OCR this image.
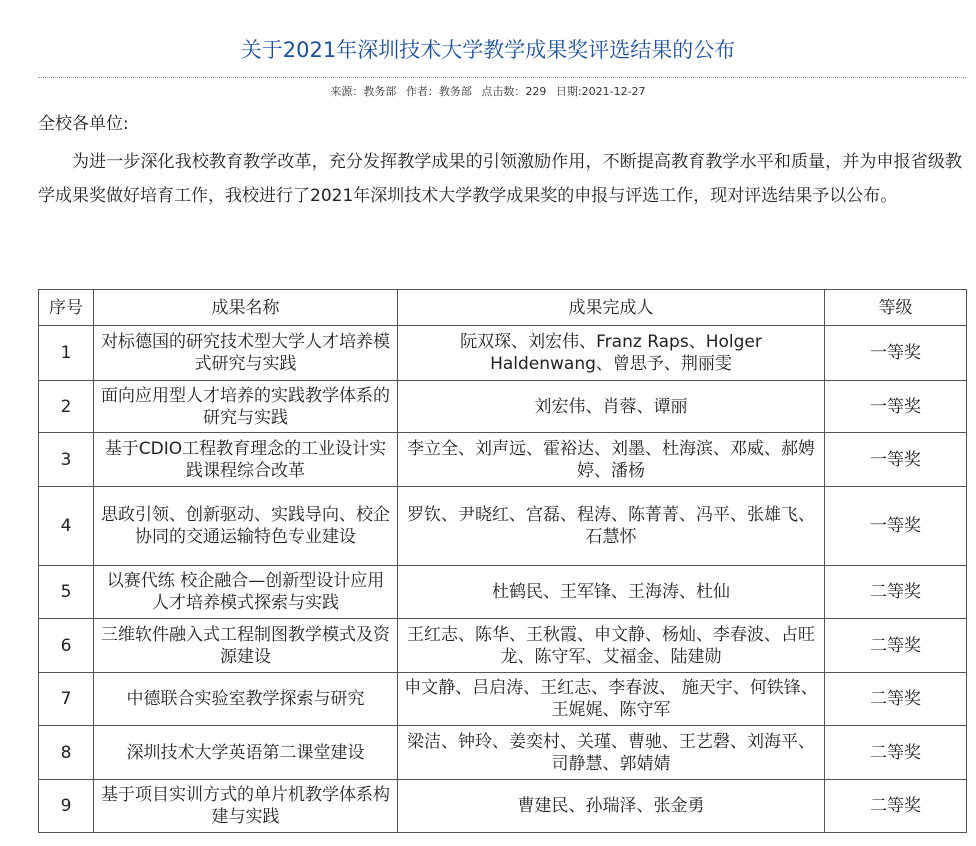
关于2021年深圳技术大学教学成果奖评选结果的公布
来源：教务部 作者：教务部 点击数：229 日期:2021-12-27
全校各单位:
为进一步深化我校教育教学改革，充分发挥教学成果的引领激励作用，不断提高教育教学水平和质量，并为申报省级教学成果奖做好培育工作，我校进行了2021年深圳技术大学教学成果奖的申报与评选工作，现对评选结果予以公布。
序号	成果名称	成果完成人	等级
1	对标德国的研究技术型大学人才培养模式研究与实践	阮双琛、刘宏伟、Franz Raps、Holger Haldenwang、曾思予、荆丽雯	一等奖
2	面向应用型人才培养的实践教学体系的研究与实践	刘宏伟、肖蓉、谭丽	一等奖
3	基于CDIO工程教育理念的工业设计实践课程综合改革	李立全、刘声远、霍裕达、刘墨、杜海滨、邓威、郝娉婷、潘杨	一等奖
4	思政引领、创新驱动、实践导向、校企协同的交通运输特色专业建设	罗钦、尹晓红、宫磊、程涛、陈菁菁、冯平、张雄飞、石慧怀	一等奖
5	以赛代练 校企融合—创新型设计应用人才培养模式探索与实践	杜鹤民、王军锋、王海涛、杜仙	二等奖
6	三维软件融入式工程制图教学模式及资源建设	王红志、陈华、王秋霞、申文静、杨灿、李春波、占旺龙、陈守军、艾福金、陆建勋	二等奖
7	中德联合实验室教学探索与研究	申文静、吕启涛、王红志、李春波、 施天宇、何铁锋、王娓娓、陈守军	二等奖
8	深圳技术大学英语第二课堂建设	梁洁、钟玲、姜奕村、关瑾、曹驰、王艺磬、刘海平、司静慧、郭婧婧	二等奖
9	基于项目实训方式的单片机教学体系构建与实践	曹建民、孙瑞泽、张金勇	二等奖
